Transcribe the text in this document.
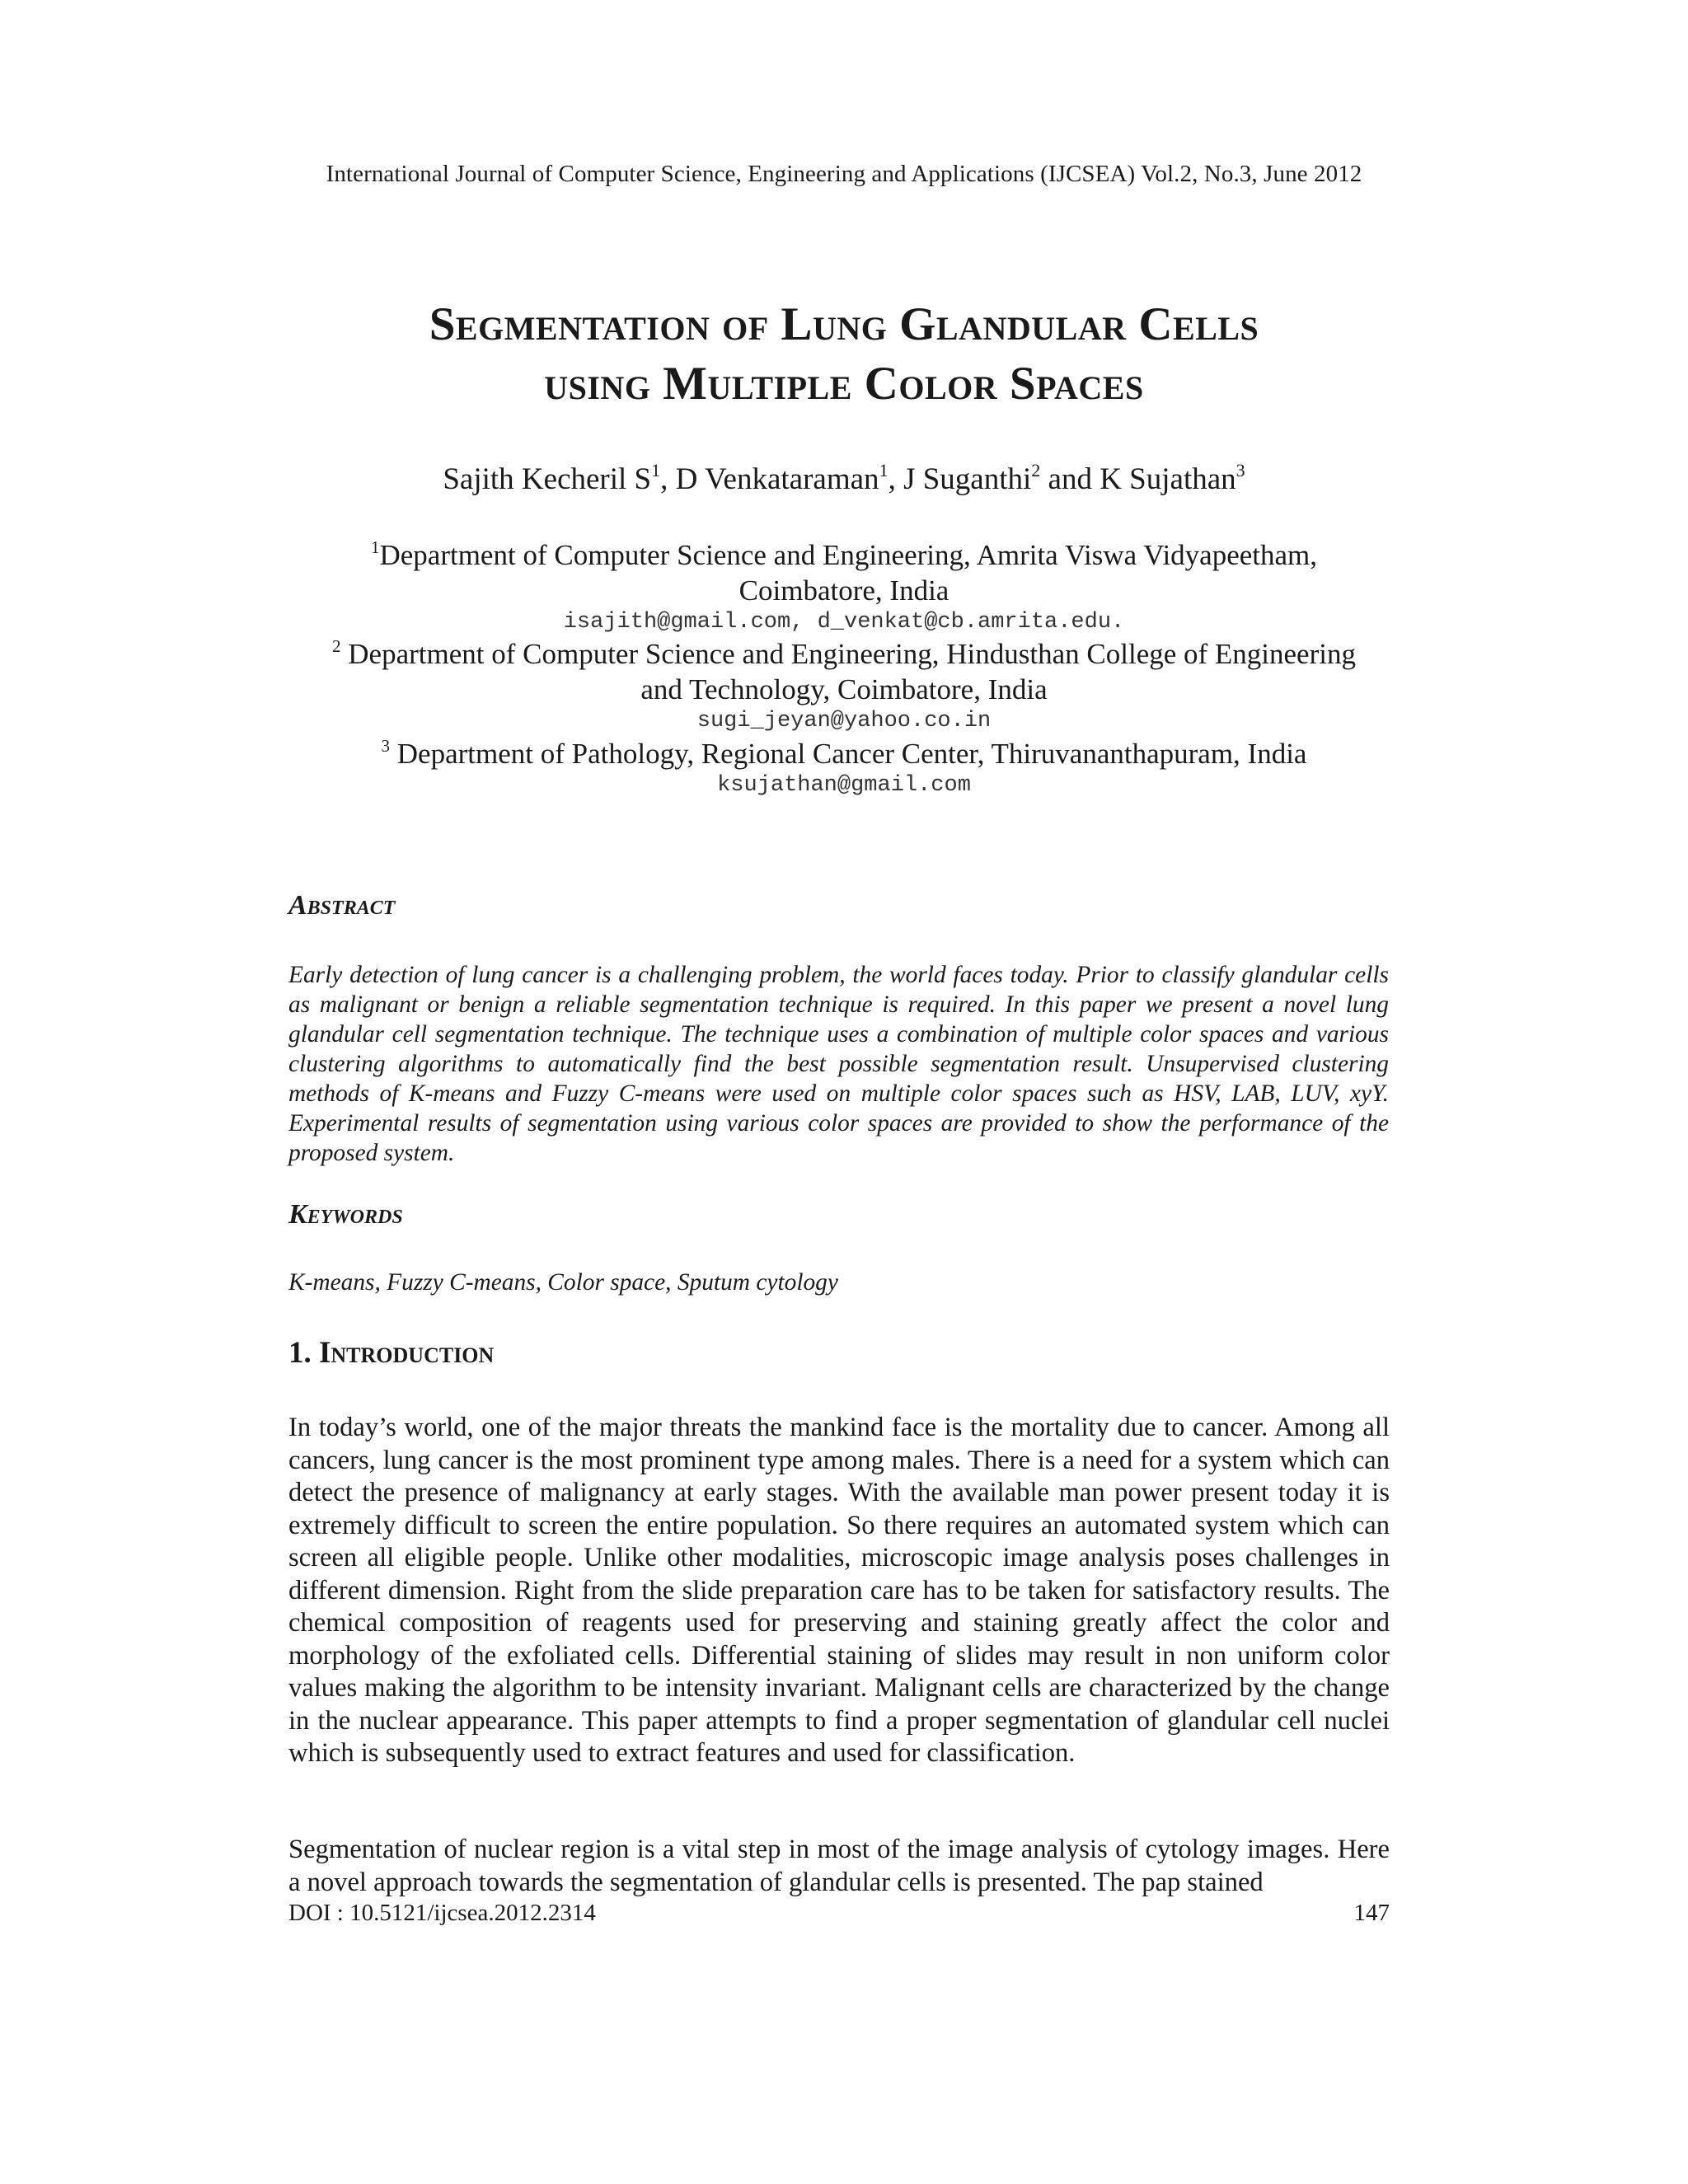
International Journal of Computer Science, Engineering and Applications (IJCSEA) Vol.2, No.3, June 2012
Segmentation of Lung Glandular Cells
using Multiple Color Spaces
Sajith Kecheril $S^1$, D Venkataraman$^1$, J Suganthi$^2$ and K Sujathan$^3$
$^1$Department of Computer Science and Engineering, Amrita Viswa Vidyapeetham,
Coimbatore, India
isajith@gmail.com, d_venkat@cb.amrita.edu.
$^2$ Department of Computer Science and Engineering, Hindusthan College of Engineering
and Technology, Coimbatore, India
sugi_jeyan@yahoo.co.in
$^3$ Department of Pathology, Regional Cancer Center, Thiruvananthapuram, India
ksujathan@gmail.com
Abstract
Early detection of lung cancer is a challenging problem, the world faces today. Prior to classify glandular cells as malignant or benign a reliable segmentation technique is required. In this paper we present a novel lung glandular cell segmentation technique. The technique uses a combination of multiple color spaces and various clustering algorithms to automatically find the best possible segmentation result. Unsupervised clustering methods of K-means and Fuzzy C-means were used on multiple color spaces such as HSV, LAB, LUV, xyY. Experimental results of segmentation using various color spaces are provided to show the performance of the proposed system.
Keywords
K-means, Fuzzy C-means, Color space, Sputum cytology
1. Introduction
In today’s world, one of the major threats the mankind face is the mortality due to cancer. Among all cancers, lung cancer is the most prominent type among males. There is a need for a system which can detect the presence of malignancy at early stages. With the available man power present today it is extremely difficult to screen the entire population. So there requires an automated system which can screen all eligible people. Unlike other modalities, microscopic image analysis poses challenges in different dimension. Right from the slide preparation care has to be taken for satisfactory results. The chemical composition of reagents used for preserving and staining greatly affect the color and morphology of the exfoliated cells. Differential staining of slides may result in non uniform color values making the algorithm to be intensity invariant. Malignant cells are characterized by the change in the nuclear appearance. This paper attempts to find a proper segmentation of glandular cell nuclei which is subsequently used to extract features and used for classification.
Segmentation of nuclear region is a vital step in most of the image analysis of cytology images. Here a novel approach towards the segmentation of glandular cells is presented. The pap stained
DOI : 10.5121/ijcsea.2012.2314	147
